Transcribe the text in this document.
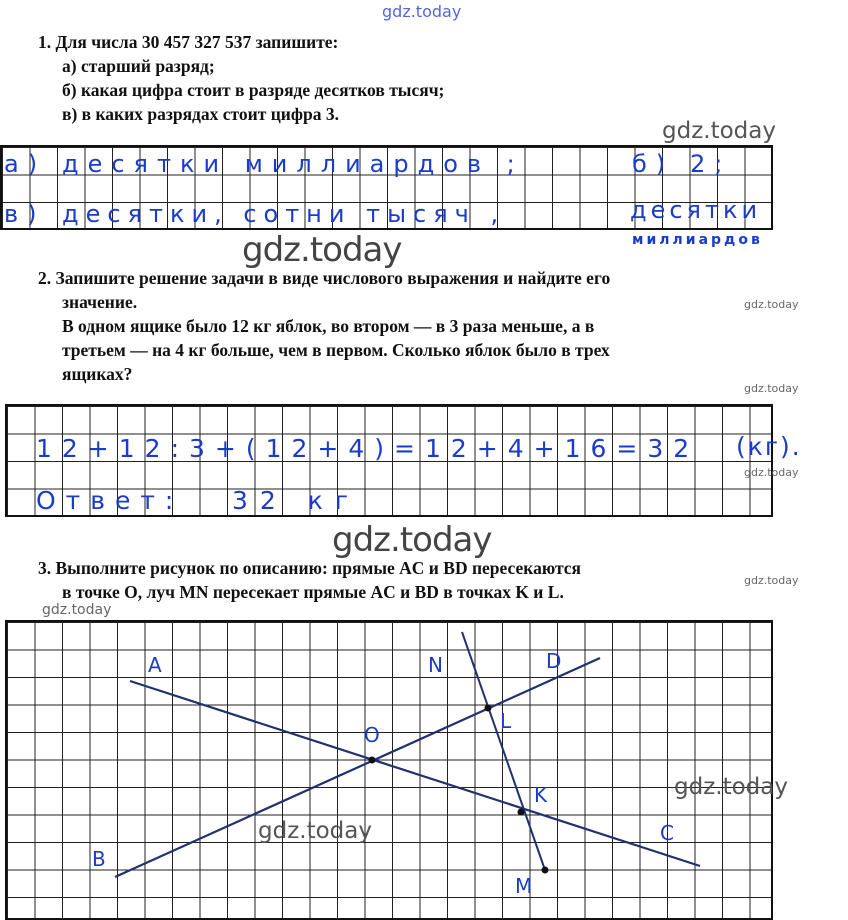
gdz.today
1. Для числа 30 457 327 537 запишите:
а) старший разряд;
б) какая цифра стоит в разряде десятков тысяч;
в) в каких разрядах стоит цифра 3.
а) десятки миллиардов ;	б) 2;
в) десятки, сотни тысяч ,	десятки
миллиардов
gdz.today
gdz.today
2. Запишите решение задачи в виде числового выражения и найдите его
значение.
В одном ящике было 12 кг яблок, во втором — в 3 раза меньше, а в
третьем — на 4 кг больше, чем в первом. Сколько яблок было в трех
ящиках?
gdz.today
gdz.today
12+12:3+(12+4)=12+4+16=32 (кг).
Ответ: 32 кг
gdz.today
gdz.today
3. Выполните рисунок по описанию: прямые AC и BD пересекаются
в точке O, луч MN пересекает прямые AC и BD в точках K и L.
gdz.today
gdz.today
A
B
C
D
O
N
M
K
L
gdz.today
gdz.today
